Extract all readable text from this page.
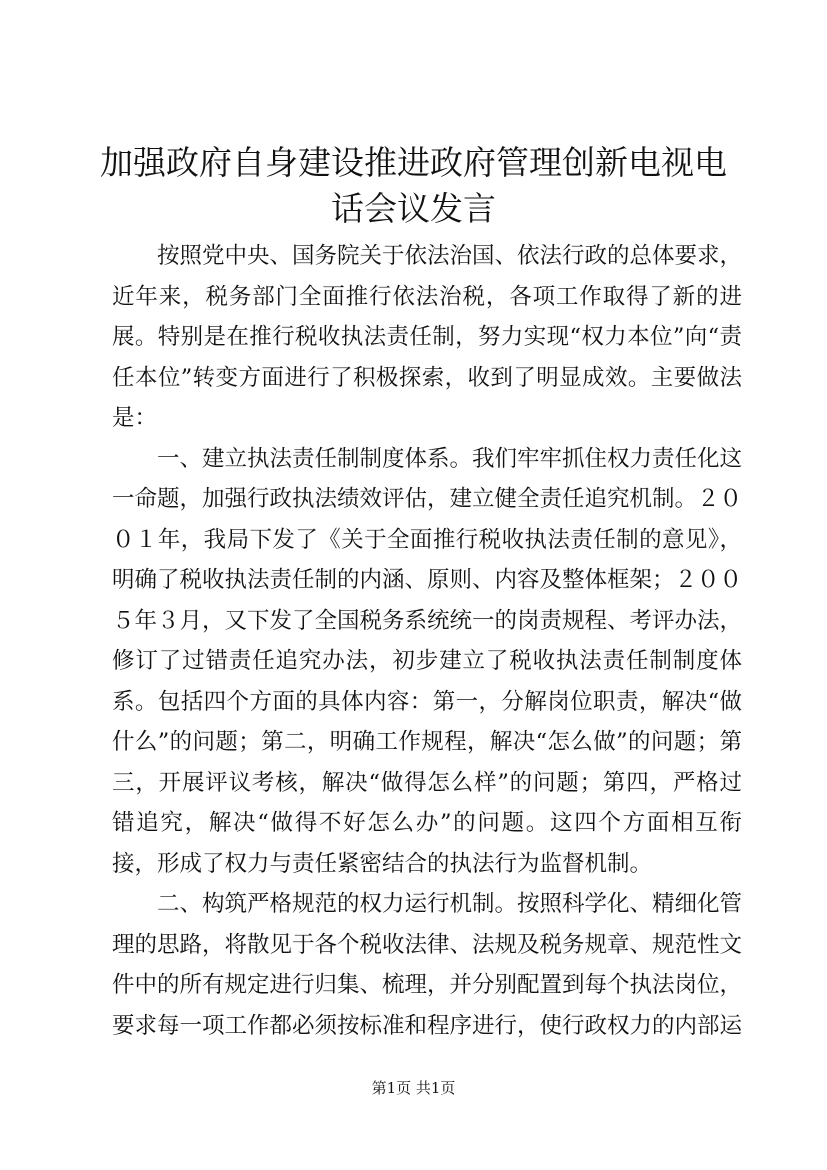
加强政府自身建设推进政府管理创新电视电话会议发言

按照党中央、国务院关于依法治国、依法行政的总体要求，近年来，税务部门全面推行依法治税，各项工作取得了新的进展。特别是在推行税收执法责任制，努力实现“权力本位”向“责任本位”转变方面进行了积极探索，收到了明显成效。主要做法是：

一、建立执法责任制制度体系。我们牢牢抓住权力责任化这一命题，加强行政执法绩效评估，建立健全责任追究机制。２００１年，我局下发了《关于全面推行税收执法责任制的意见》，明确了税收执法责任制的内涵、原则、内容及整体框架；２００５年３月，又下发了全国税务系统统一的岗责规程、考评办法，修订了过错责任追究办法，初步建立了税收执法责任制制度体系。包括四个方面的具体内容：第一，分解岗位职责，解决“做什么”的问题；第二，明确工作规程，解决“怎么做”的问题；第三，开展评议考核，解决“做得怎么样”的问题；第四，严格过错追究，解决“做得不好怎么办”的问题。这四个方面相互衔接，形成了权力与责任紧密结合的执法行为监督机制。

二、构筑严格规范的权力运行机制。按照科学化、精细化管理的思路，将散见于各个税收法律、法规及税务规章、规范性文件中的所有规定进行归集、梳理，并分别配置到每个执法岗位，要求每一项工作都必须按标准和程序进行，使行政权力的内部运

第1页 共1页
